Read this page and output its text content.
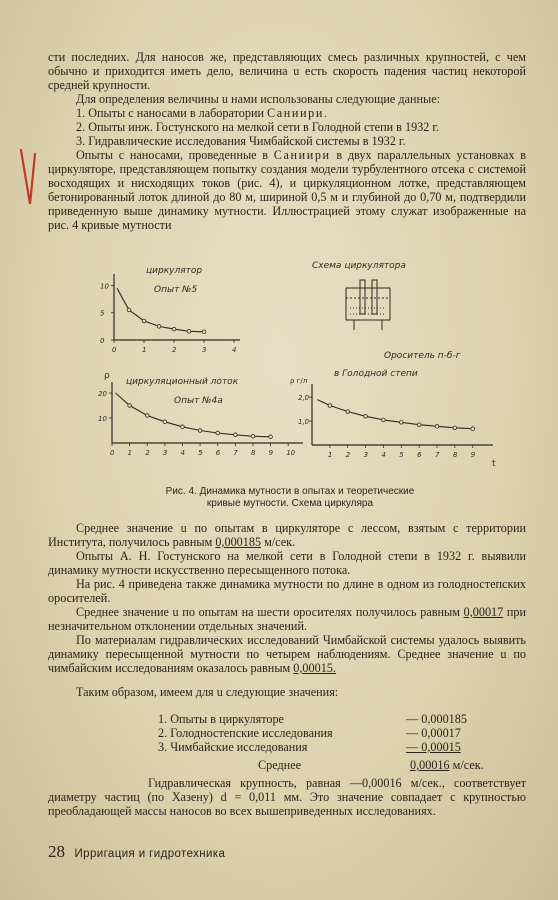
сти последних. Для наносов же, представляющих смесь различных крупностей, с чем обычно и приходится иметь дело, величина u есть скорость падения частиц некоторой средней крупности.

Для определения величины u нами использованы следующие данные:

1. Опыты с наносами в лаборатории Саниири.

2. Опыты инж. Гостунского на мелкой сети в Голодной степи в 1932 г.

3. Гидравлические исследования Чимбайской системы в 1932 г.

Опыты с наносами, проведенные в Саниири в двух параллельных установках в циркуляторе, представляющем попытку создания модели турбулентного отсека с системой восходящих и нисходящих токов (рис. 4), и циркуляционном лотке, представляющем бетонированный лоток длиной до 80 м, шириной 0,5 м и глубиной до 0,70 м, подтвердили приведенную выше динамику мутности. Иллюстрацией этому служат изображенные на рис. 4 кривые мутности

циркулятор
Опыт №5
Схема циркулятора
циркуляционный лоток
Опыт №4а
Ороситель п-б-г
в Голодной степи
ρ	ρ г/л
t
0	1	2	3	4
0
5
10
0 1 2 3 4 5 6 7 8 9 10
10
20
1 2 3 4 5 6 7 8 9
2,0
1,0
Рис. 4. Динамика мутности в опытах и теоретические
кривые мутности. Схема циркуляра

Среднее значение u по опытам в циркуляторе с лессом, взятым с территории Института, получилось равным 0,000185 м/сек.

Опыты А. Н. Гостунского на мелкой сети в Голодной степи в 1932 г. выявили динамику мутности искусственно пересыщенного потока.

На рис. 4 приведена также динамика мутности по длине в одном из голодностепских оросителей.

Среднее значение u по опытам на шести оросителях получилось равным 0,00017 при незначительном отклонении отдельных значений.

По материалам гидравлических исследований Чимбайской системы удалось выявить динамику пересыщенной мутности по четырем наблюдениям. Среднее значение u по чимбайским исследованиям оказалось равным 0,00015.

Таким образом, имеем для u следующие значения:

1. Опыты в циркуляторе	— 0,000185
2. Голодностепские исследования	— 0,00017
3. Чимбайские исследования	— 0,00015
Среднее	0,00016 м/сек.

Гидравлическая крупность, равная —0,00016 м/сек., соответствует диаметру частиц (по Хазену) d = 0,011 мм. Это значение совпадает с крупностью преобладающей массы наносов во всех вышеприведенных исследованиях.

28 Ирригация и гидротехника
